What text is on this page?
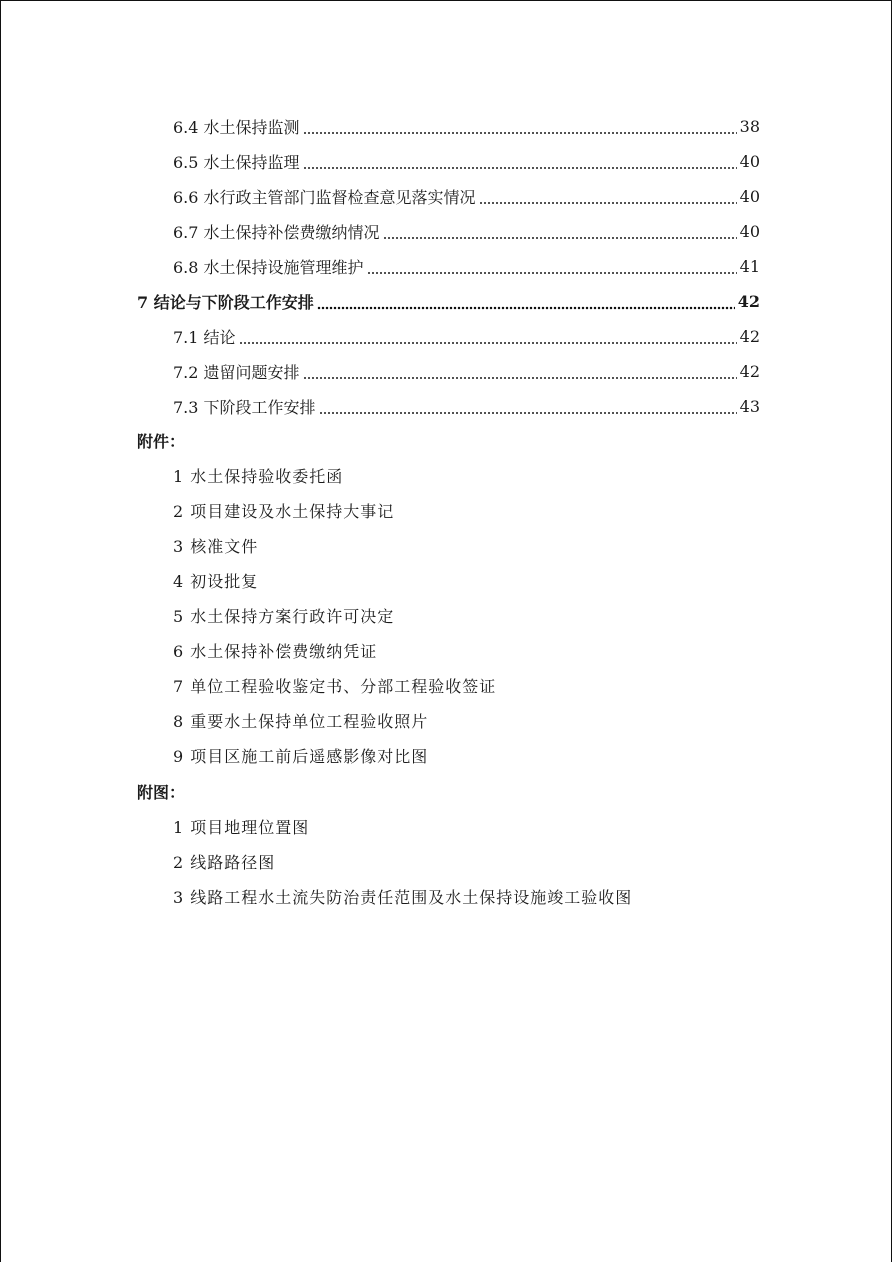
6.4 水土保持监测	38
6.5 水土保持监理	40
6.6 水行政主管部门监督检查意见落实情况	40
6.7 水土保持补偿费缴纳情况	40
6.8 水土保持设施管理维护	41
7 结论与下阶段工作安排	42
7.1 结论	42
7.2 遗留问题安排	42
7.3 下阶段工作安排	43
附件：
1 水土保持验收委托函
2 项目建设及水土保持大事记
3 核准文件
4 初设批复
5 水土保持方案行政许可决定
6 水土保持补偿费缴纳凭证
7 单位工程验收鉴定书、分部工程验收签证
8 重要水土保持单位工程验收照片
9 项目区施工前后遥感影像对比图
附图：
1 项目地理位置图
2 线路路径图
3 线路工程水土流失防治责任范围及水土保持设施竣工验收图
